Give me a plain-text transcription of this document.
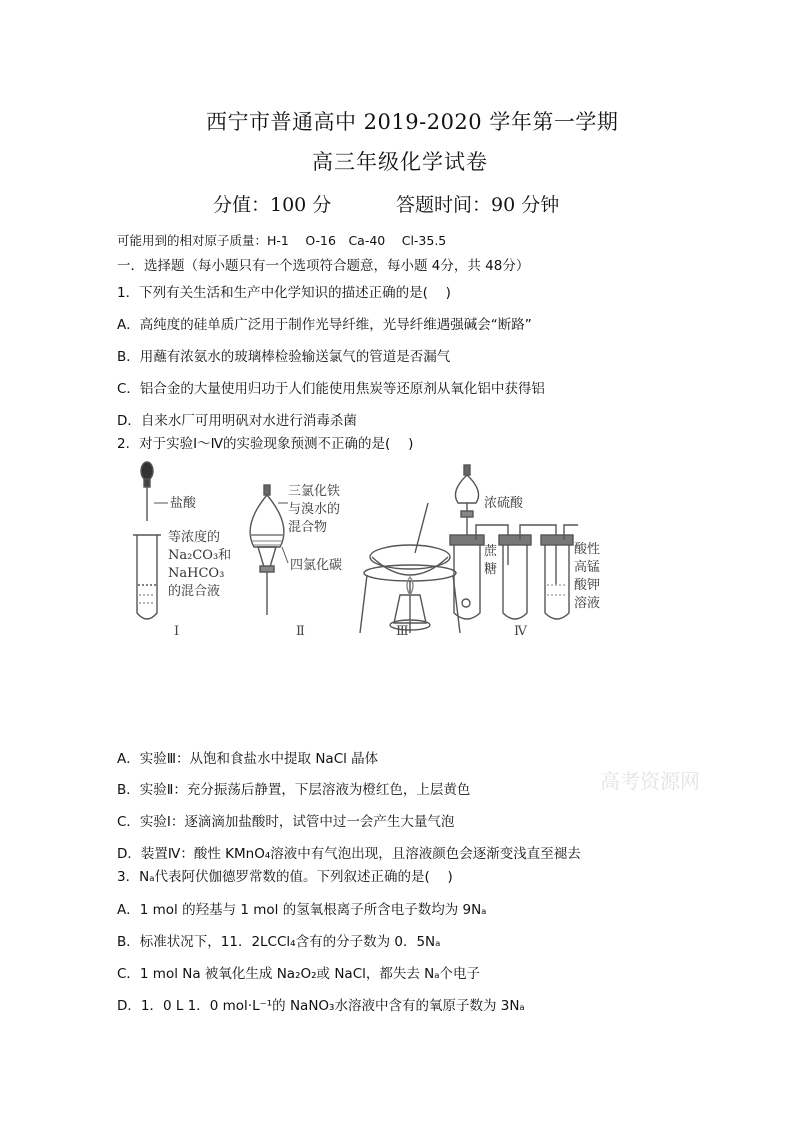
西宁市普通高中 2019-2020 学年第一学期
高三年级化学试卷
分值：100 分	答题时间：90 分钟
可能用到的相对原子质量：H-1　 O-16　Ca-40　 Cl-35.5
一．选择题（每小题只有一个选项符合题意，每小题 4分，共 48分）
1．下列有关生活和生产中化学知识的描述正确的是(　 )
A．高纯度的硅单质广泛用于制作光导纤维，光导纤维遇强碱会“断路”
B．用蘸有浓氨水的玻璃棒检验输送氯气的管道是否漏气
C．铝合金的大量使用归功于人们能使用焦炭等还原剂从氧化铝中获得铝
D．自来水厂可用明矾对水进行消毒杀菌
2．对于实验Ⅰ～Ⅳ的实验现象预测不正确的是(　 )
盐酸
等浓度的
Na₂CO₃和
NaHCO₃
的混合液
三氯化铁
与溴水的
混合物
四氯化碳
浓硫酸
蔗
糖
酸性
高锰
酸钾
溶液
Ⅰ	Ⅱ	Ⅲ	Ⅳ
A．实验Ⅲ：从饱和食盐水中提取 NaCl 晶体
B．实验Ⅱ：充分振荡后静置，下层溶液为橙红色，上层黄色
C．实验Ⅰ：逐滴滴加盐酸时，试管中过一会产生大量气泡
D．装置Ⅳ：酸性 KMnO₄溶液中有气泡出现，且溶液颜色会逐渐变浅直至褪去
高考资源网
3．Nₐ代表阿伏伽德罗常数的值。下列叙述正确的是(　 )
A．1 mol 的羟基与 1 mol 的氢氧根离子所含电子数均为 9Nₐ
B．标准状况下，11．2LCCl₄含有的分子数为 0．5Nₐ
C．1 mol Na 被氧化生成 Na₂O₂或 NaCl，都失去 Nₐ个电子
D．1．0 L 1．0 mol·L⁻¹的 NaNO₃水溶液中含有的氧原子数为 3Nₐ
